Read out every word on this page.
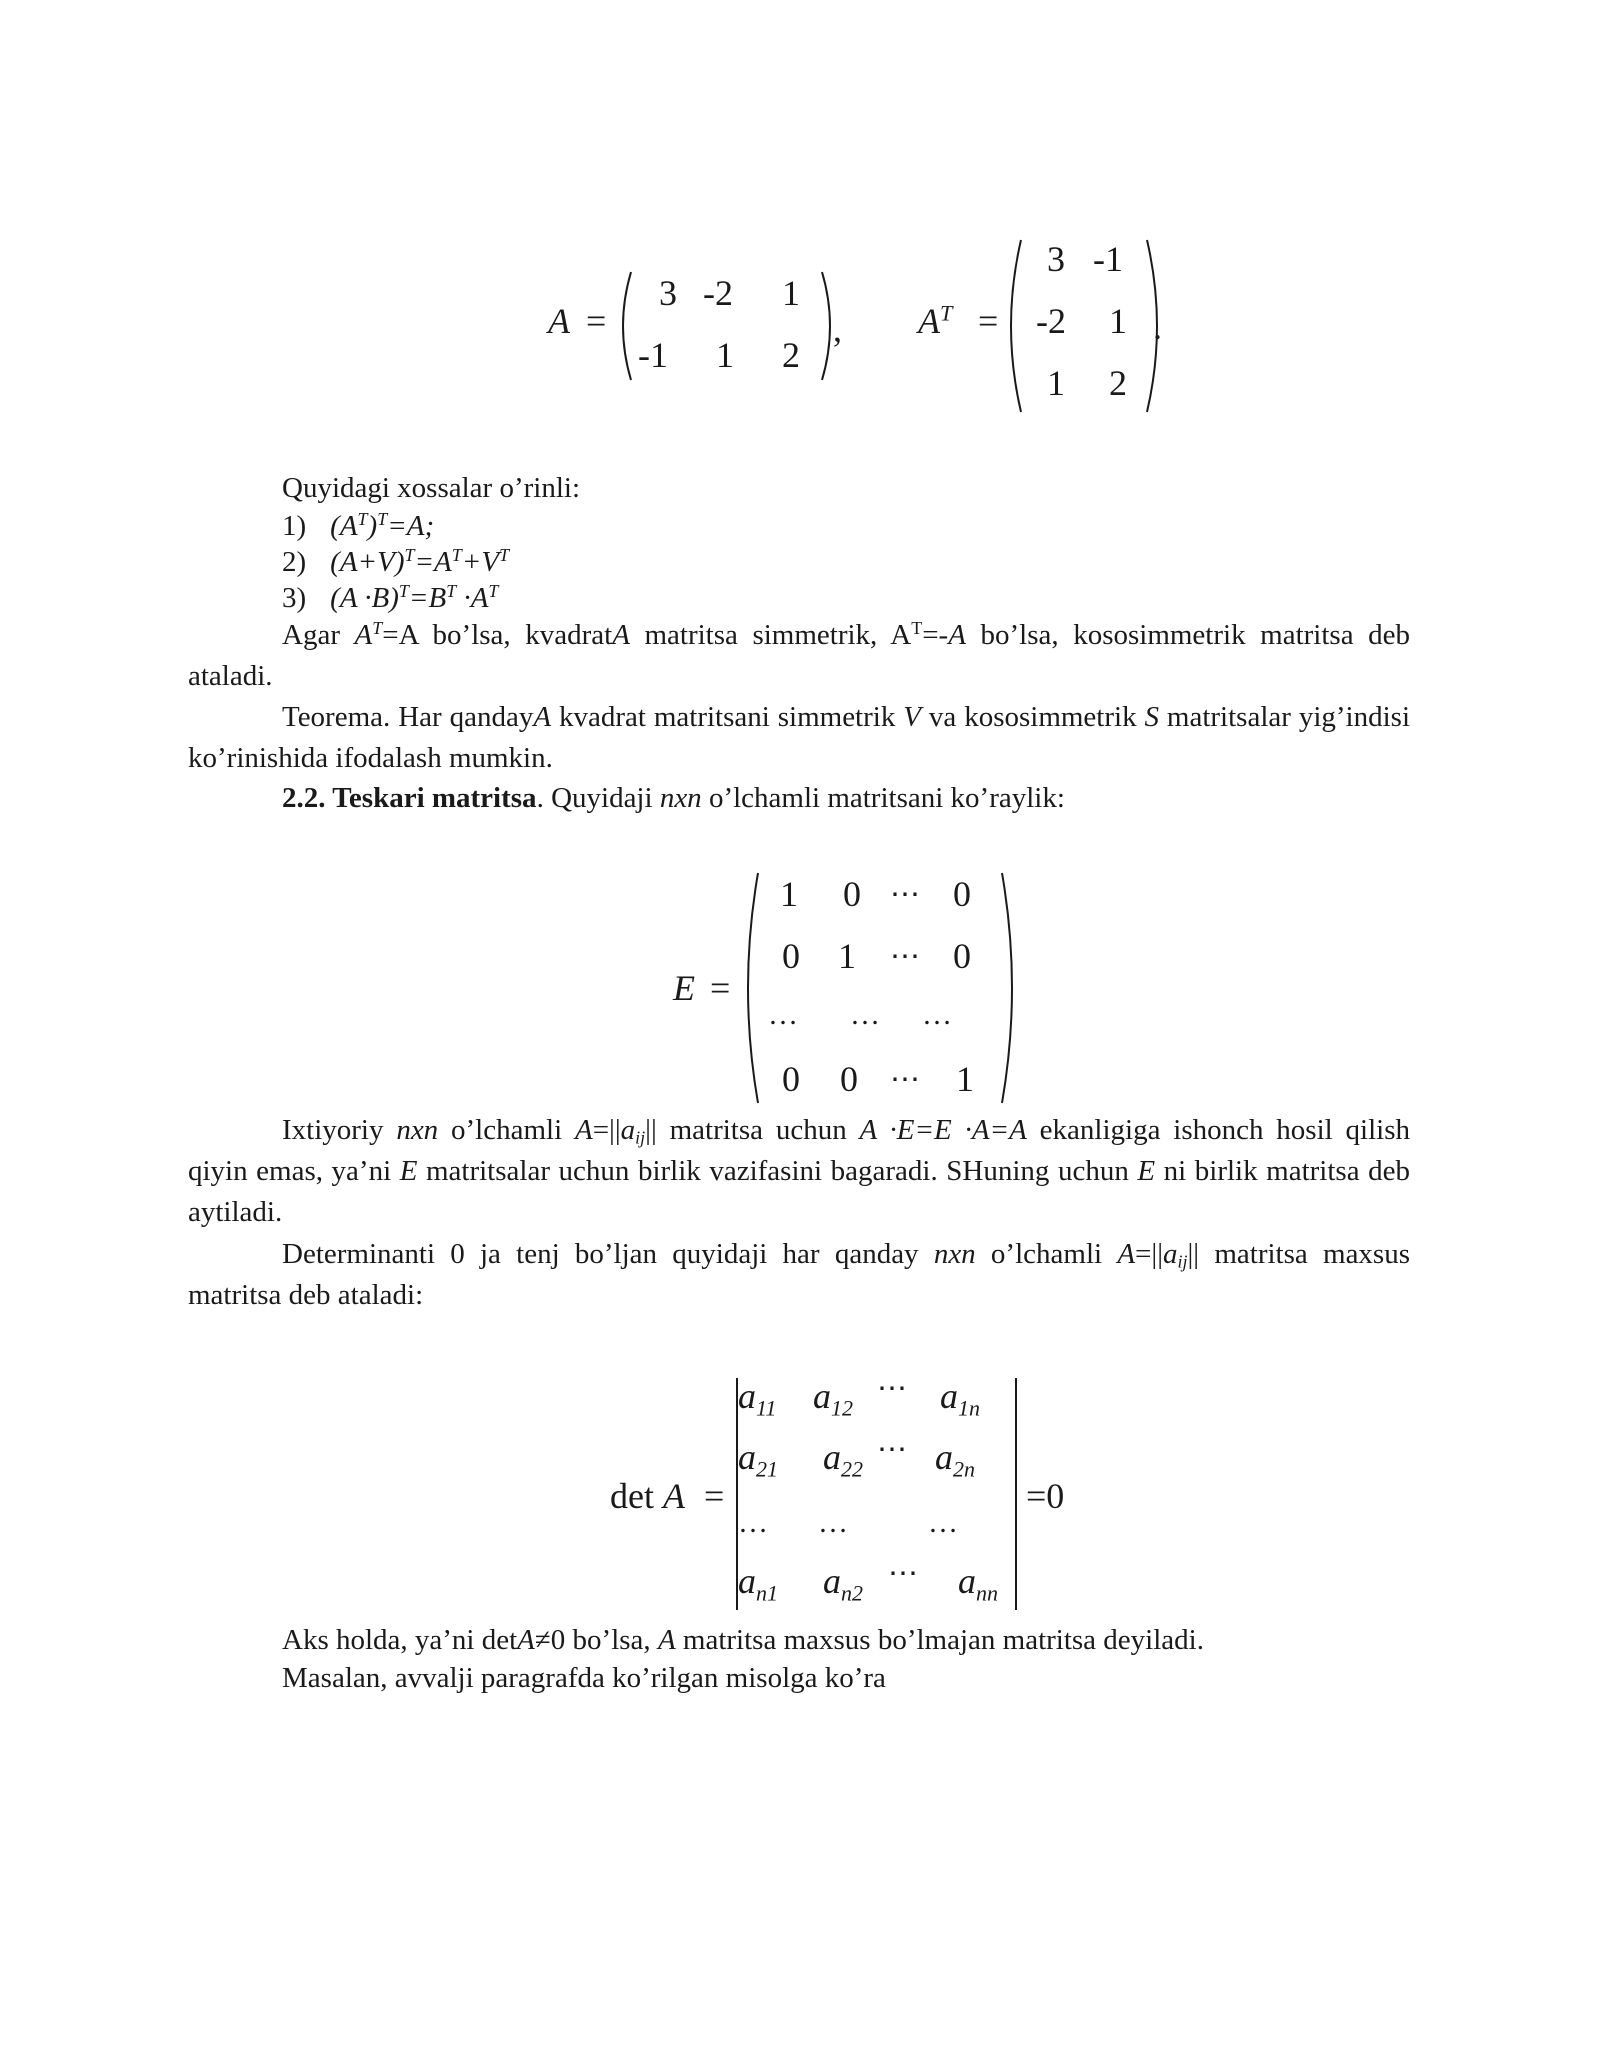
A =
3 -2 1
-1 1 2
, $A^T$ =
3 -1
-2 1
1 2
.
Quyidagi xossalar o’rinli:
1) $(A^T)^T=A$;
2) $(A+V)^T=A^T+V^T$
3) $(A \cdot B)^T=B^T \cdot A^T$
Agar $A^T=A$ bo’lsa, kvadratA matritsa simmetrik, $A^T=-A$ bo’lsa, kososimmetrik matritsa deb atalаdi.
Teorema. Har qandayA kvadrat matritsani simmetrik V va kososimmetrik S matritsalar yig’indisi ko’rinishida ifodalash mumkin.
2.2. Teskari matritsa. Quyidaji nxn o’lchamli matritsani ko’raylik:
E =
1 0 ⋯ 0
0 1 ⋯ 0
… … …
0 0 ⋯ 1
Ixtiyoriy nxn o’lchamli $A=||a_{ij}||$ matritsa uchun A ·E=E ·A=A ekanligiga ishonch hosil qilish qiyin emas, ya’ni E matritsalar uchun birlik vazifasini bagaradi. SHuning uchun E ni birlik matritsa deb aytiladi.
Determinanti 0 ja tenj bo’ljan quyidaji har qanday nxn o’lchamli $A=||a_{ij}||$ matritsa maxsus matritsa deb ataladi:
det A =	=0
$a_{11}$ $a_{12}$
⋯ $a_{1n}$
$a_{21}$ $a_{22}$
⋯ $a_{2n}$
… …	…
$a_{n1}$ $a_{n2}$
⋯ $a_{nn}$
Aks holda, ya’ni detA≠0 bo’lsa, A matritsa maxsus bo’lmajan matritsa deyiladi.
Masalan, avvalji paragrafda ko’rilgan misolga ko’ra
